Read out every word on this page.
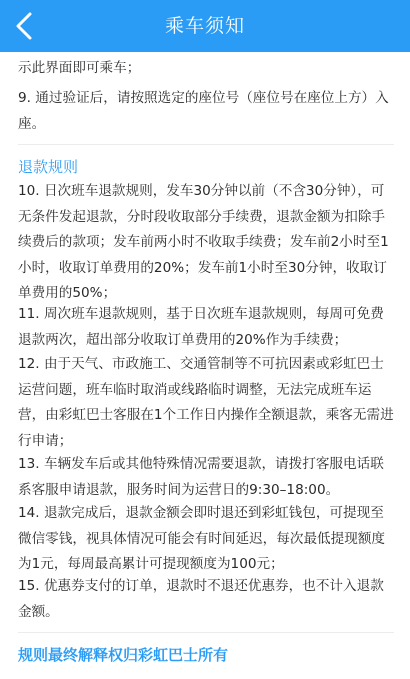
乘车须知

示此界面即可乘车；

9. 通过验证后，请按照选定的座位号（座位号在座位上方）入座。

退款规则

10. 日次班车退款规则，发车30分钟以前（不含30分钟），可无条件发起退款，分时段收取部分手续费，退款金额为扣除手续费后的款项；发车前两小时不收取手续费；发车前2小时至1小时，收取订单费用的20%；发车前1小时至30分钟，收取订单费用的50%；

11. 周次班车退款规则，基于日次班车退款规则，每周可免费退款两次，超出部分收取订单费用的20%作为手续费；

12. 由于天气、市政施工、交通管制等不可抗因素或彩虹巴士运营问题，班车临时取消或线路临时调整，无法完成班车运营，由彩虹巴士客服在1个工作日内操作全额退款，乘客无需进行申请；

13. 车辆发车后或其他特殊情况需要退款，请拨打客服电话联系客服申请退款，服务时间为运营日的9:30–18:00。

14. 退款完成后，退款金额会即时退还到彩虹钱包，可提现至微信零钱，视具体情况可能会有时间延迟，每次最低提现额度为1元，每周最高累计可提现额度为100元；

15. 优惠券支付的订单，退款时不退还优惠券，也不计入退款金额。

规则最终解释权归彩虹巴士所有
